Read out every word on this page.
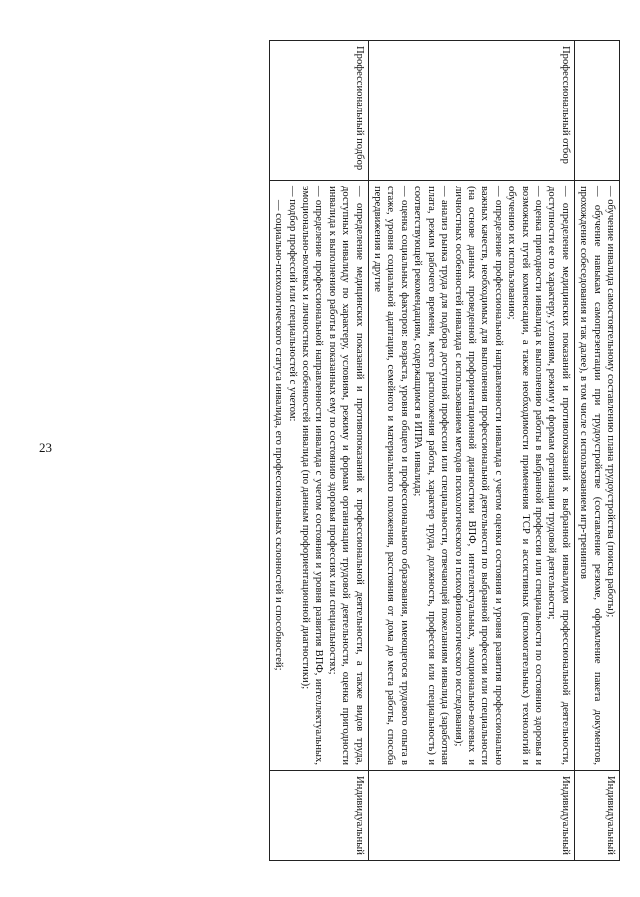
23

	— обучение инвалида самостоятельному составлению плана трудоустройства (поиска работы);
— обучение навыкам самопрезентации при трудоустройстве (составление резюме, оформление пакета документов, прохождение собеседования и так далее), в том числе с использованием игр-тренингов	Индивидуальный
Профессиональный отбор	— определение медицинских показаний и противопоказаний к выбранной инвалидом профессиональной деятельности, доступности ее по характеру, условиям, режиму и формам организации трудовой деятельности;
— оценка пригодности инвалида к выполнению работы в выбранной профессии или специальности по состоянию здоровья и возможных путей компенсации, а также необходимости применения ТСР и ассистивных (вспомогательных) технологий и обучению их использованию;
— определение профессиональной направленности инвалида с учетом оценки состояния и уровня развития профессионально важных качеств, необходимых для выполнения профессиональной деятельности по выбранной профессии или специальности (на основе данных проведенной профориентационной диагностики ВПФ, интеллектуальных, эмоционально-волевых и личностных особенностей инвалида с использованием методов психологического и психофизиологического исследования);
— анализ рынка труда для подбора доступной профессии или специальности, отвечающей пожеланиям инвалида (заработная плата, режим рабочего времени, место расположения работы, характер труда, должность, профессия или специальность) и соответствующей рекомендациям, содержащимся в ИПРА инвалида;
— оценка социальных факторов: возраста, уровня общего и профессионального образования, имеющегося трудового опыта в стаже, уровня социальной адаптации, семейного и материального положения, расстояния от дома до места работы, способа передвижения и другие	Индивидуальный
Профессиональный подбор	— определение медицинских показаний и противопоказаний к профессиональной деятельности, а также видов труда, доступных инвалиду по характеру, условиям, режиму и формам организации трудовой деятельности, оценка пригодности инвалида к выполнению работы в показанных ему по состоянию здоровья профессиях или специальностях;
— определение профессиональной направленности инвалида с учетом состояния и уровня развития ВПФ, интеллектуальных, эмоционально-волевых и личностных особенностей инвалида (по данным профориентационной диагностики);
— подбор профессий или специальностей с учетом:
— социально-психологического статуса инвалида, его профессиональных склонностей и способностей;	Индивидуальный
